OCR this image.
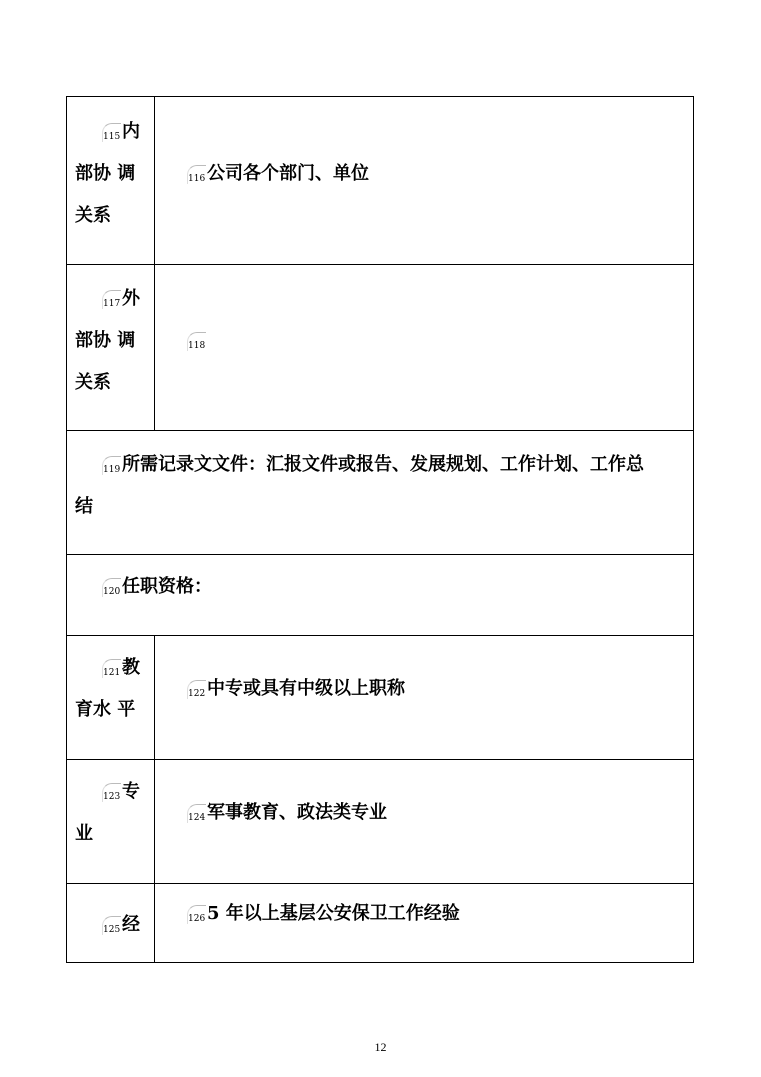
115 内
部协 调
关系
116 公司各个部门、单位
117 外
部协 调
关系
118
119 所需记录文文件：汇报文件或报告、发展规划、工作计划、工作总
结
120 任职资格：
121 教
育水 平
122 中专或具有中级以上职称
123 专
业
124 军事教育、政法类专业
125 经	126 5 年以上基层公安保卫工作经验
12
